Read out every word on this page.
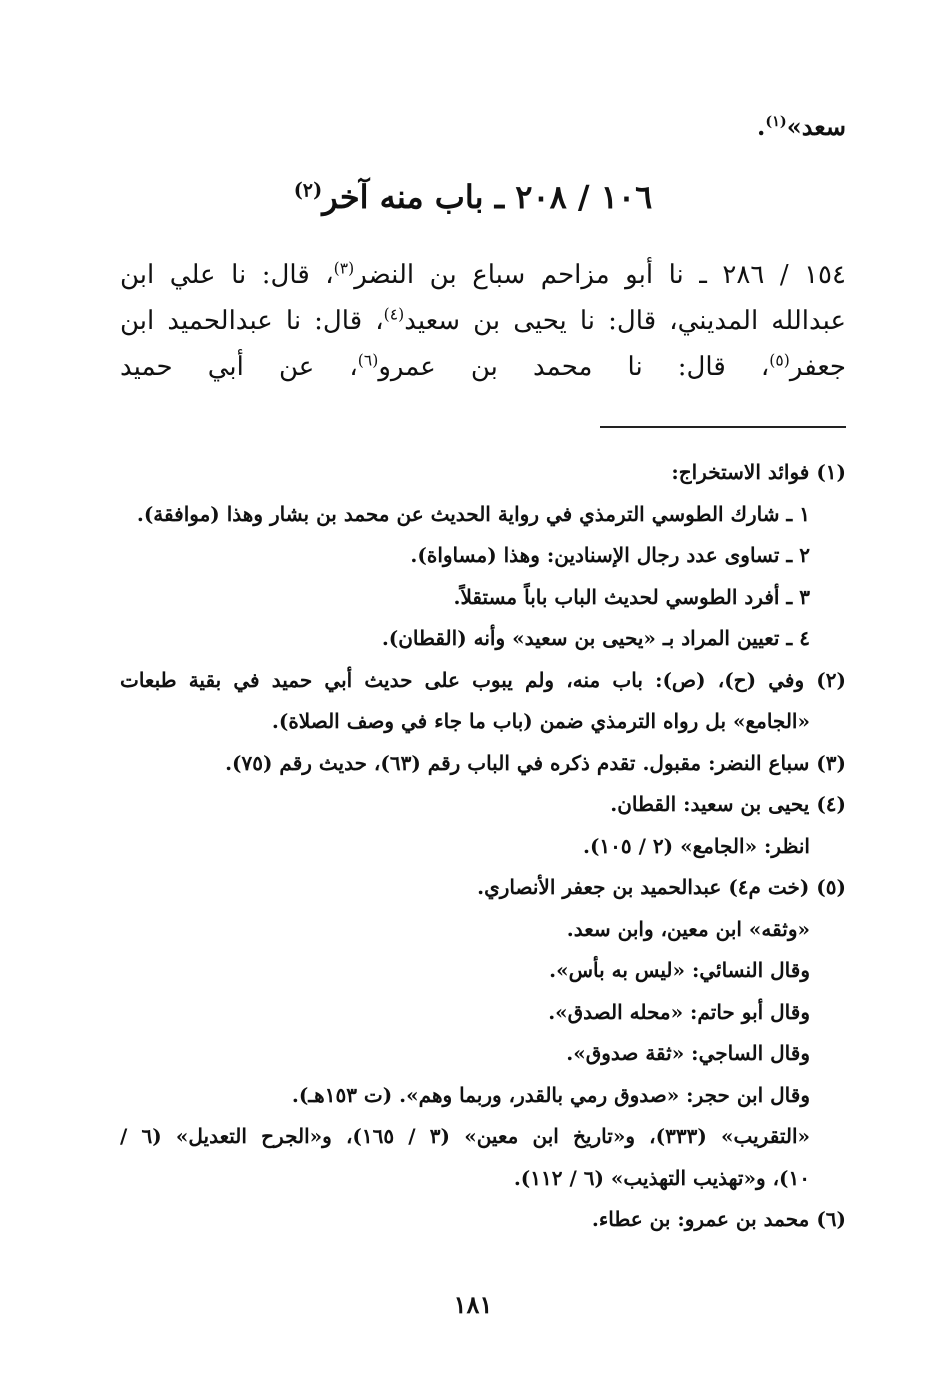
سعد»$^{(١)}$.
١٠٦ / ٢٠٨ ـ باب منه آخر$^{(٢)}$
١٥٤ / ٢٨٦ ـ نا أبو مزاحم سباع بن النضر$^{(٣)}$، قال: نا علي ابن
عبدالله المديني، قال: نا يحيى بن سعيد$^{(٤)}$، قال: نا عبدالحميد ابن
جعفر$^{(٥)}$، قال: نا محمد بن عمرو$^{(٦)}$، عن أبي حميد
(١) فوائد الاستخراج:
١ ـ شارك الطوسي الترمذي في رواية الحديث عن محمد بن بشار وهذا (موافقة).
٢ ـ تساوى عدد رجال الإسنادين: وهذا (مساواة).
٣ ـ أفرد الطوسي لحديث الباب باباً مستقلاً.
٤ ـ تعيين المراد بـ «يحيى بن سعيد» وأنه (القطان).
(٢) وفي (ح)، (ص): باب منه، ولم يبوب على حديث أبي حميد في بقية طبعات
«الجامع» بل رواه الترمذي ضمن (باب ما جاء في وصف الصلاة).
(٣) سباع النضر: مقبول. تقدم ذكره في الباب رقم (٦٣)، حديث رقم (٧٥).
(٤) يحيى بن سعيد: القطان.
انظر: «الجامع» (٢ / ١٠٥).
(٥) (خت م٤) عبدالحميد بن جعفر الأنصاري.
«وثقه» ابن معين، وابن سعد.
وقال النسائي: «ليس به بأس».
وقال أبو حاتم: «محله الصدق».
وقال الساجي: «ثقة صدوق».
وقال ابن حجر: «صدوق رمي بالقدر، وربما وهم». (ت ١٥٣هـ).
«التقريب» (٣٣٣)، و«تاريخ ابن معين» (٣ / ١٦٥)، و«الجرح التعديل» (٦ /
١٠)، و«تهذيب التهذيب» (٦ / ١١٢).
(٦) محمد بن عمرو: بن عطاء.
١٨١
